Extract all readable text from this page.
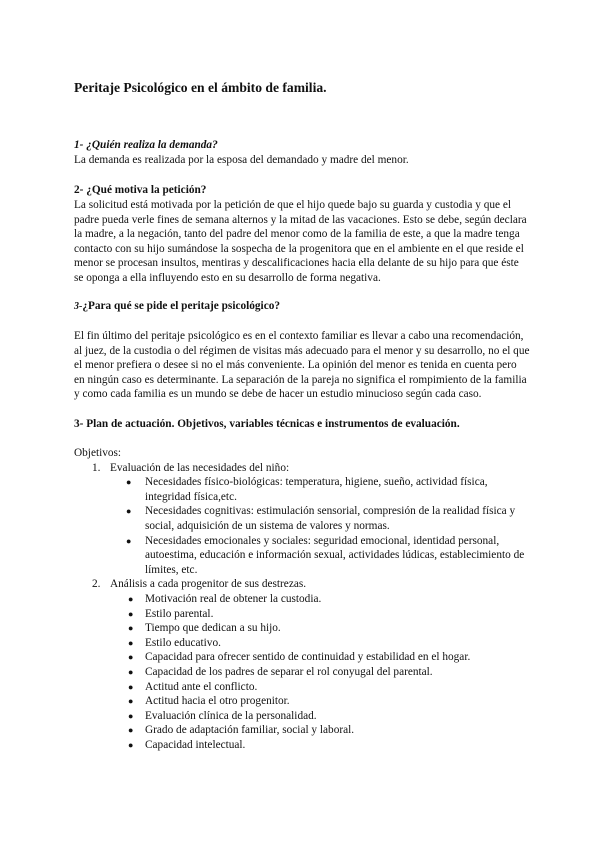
Peritaje Psicológico en el ámbito de familia.

1- ¿Quién realiza la demanda?

La demanda es realizada por la esposa del demandado y madre del menor.

2- ¿Qué motiva la petición?

La solicitud está motivada por la petición de que el hijo quede bajo su guarda y custodia y que el padre pueda verle fines de semana alternos y la mitad de las vacaciones. Esto se debe, según declara la madre, a la negación, tanto del padre del menor como de la familia de este, a que la madre tenga contacto con su hijo sumándose la sospecha de la progenitora que en el ambiente en el que reside el menor se procesan insultos, mentiras y descalificaciones hacia ella delante de su hijo para que éste se oponga a ella influyendo esto en su desarrollo de forma negativa.

3-¿Para qué se pide el peritaje psicológico?

El fin último del peritaje psicológico es en el contexto familiar es llevar a cabo una recomendación, al juez, de la custodia o del régimen de visitas más adecuado para el menor y su desarrollo, no el que el menor prefiera o desee si no el más conveniente. La opinión del menor es tenida en cuenta pero en ningún caso es determinante. La separación de la pareja no significa el rompimiento de la familia y como cada familia es un mundo se debe de hacer un estudio minucioso según cada caso.

3- Plan de actuación. Objetivos, variables técnicas e instrumentos de evaluación.

Objetivos:

1. Evaluación de las necesidades del niño:
● Necesidades físico-biológicas: temperatura, higiene, sueño, actividad física, integridad física,etc.
● Necesidades cognitivas: estimulación sensorial, compresión de la realidad física y social, adquisición de un sistema de valores y normas.
● Necesidades emocionales y sociales: seguridad emocional, identidad personal, autoestima, educación e información sexual, actividades lúdicas, establecimiento de límites, etc.
2. Análisis a cada progenitor de sus destrezas.
● Motivación real de obtener la custodia.
● Estilo parental.
● Tiempo que dedican a su hijo.
● Estilo educativo.
● Capacidad para ofrecer sentido de continuidad y estabilidad en el hogar.
● Capacidad de los padres de separar el rol conyugal del parental.
● Actitud ante el conflicto.
● Actitud hacia el otro progenitor.
● Evaluación clínica de la personalidad.
● Grado de adaptación familiar, social y laboral.
● Capacidad intelectual.
